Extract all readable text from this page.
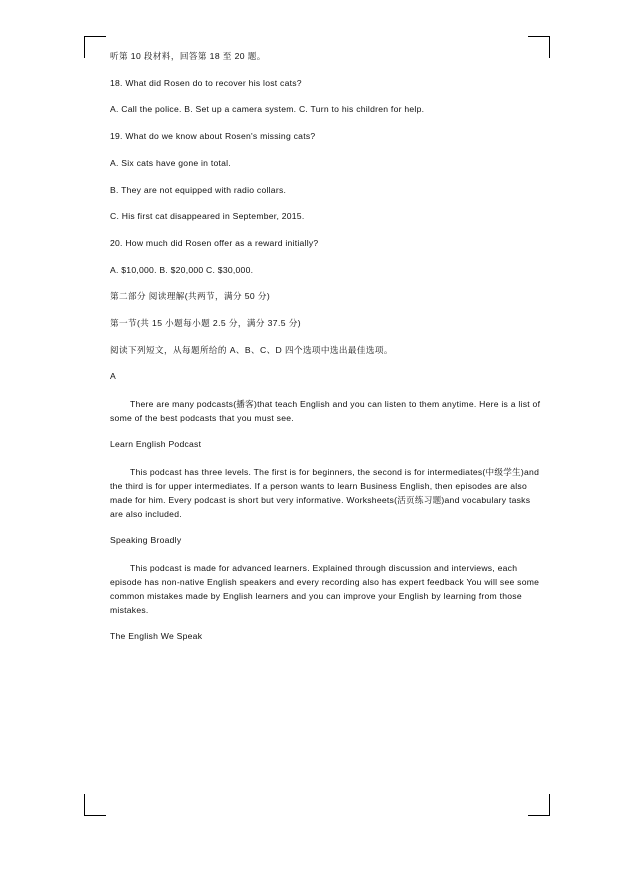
听第 10 段材料，回答第 18 至 20 题。

18. What did Rosen do to recover his lost cats?

A. Call the police. B. Set up a camera system. C. Turn to his children for help.

19. What do we know about Rosen's missing cats?

A. Six cats have gone in total.

B. They are not equipped with radio collars.

C. His first cat disappeared in September, 2015.

20. How much did Rosen offer as a reward initially?

A. $10,000. B. $20,000 C. $30,000.

第二部分 阅读理解(共两节，满分 50 分)

第一节(共 15 小题每小题 2.5 分，满分 37.5 分)

阅读下列短文，从每题所给的 A、B、C、D 四个选项中选出最佳选项。

A

There are many podcasts(播客)that teach English and you can listen to them anytime. Here is a list of some of the best podcasts that you must see.

Learn English Podcast

This podcast has three levels. The first is for beginners, the second is for intermediates(中级学生)and the third is for upper intermediates. If a person wants to learn Business English, then episodes are also made for him. Every podcast is short but very informative. Worksheets(活页练习题)and vocabulary tasks are also included.

Speaking Broadly

This podcast is made for advanced learners. Explained through discussion and interviews, each episode has non-native English speakers and every recording also has expert feedback You will see some common mistakes made by English learners and you can improve your English by learning from those mistakes.

The English We Speak
